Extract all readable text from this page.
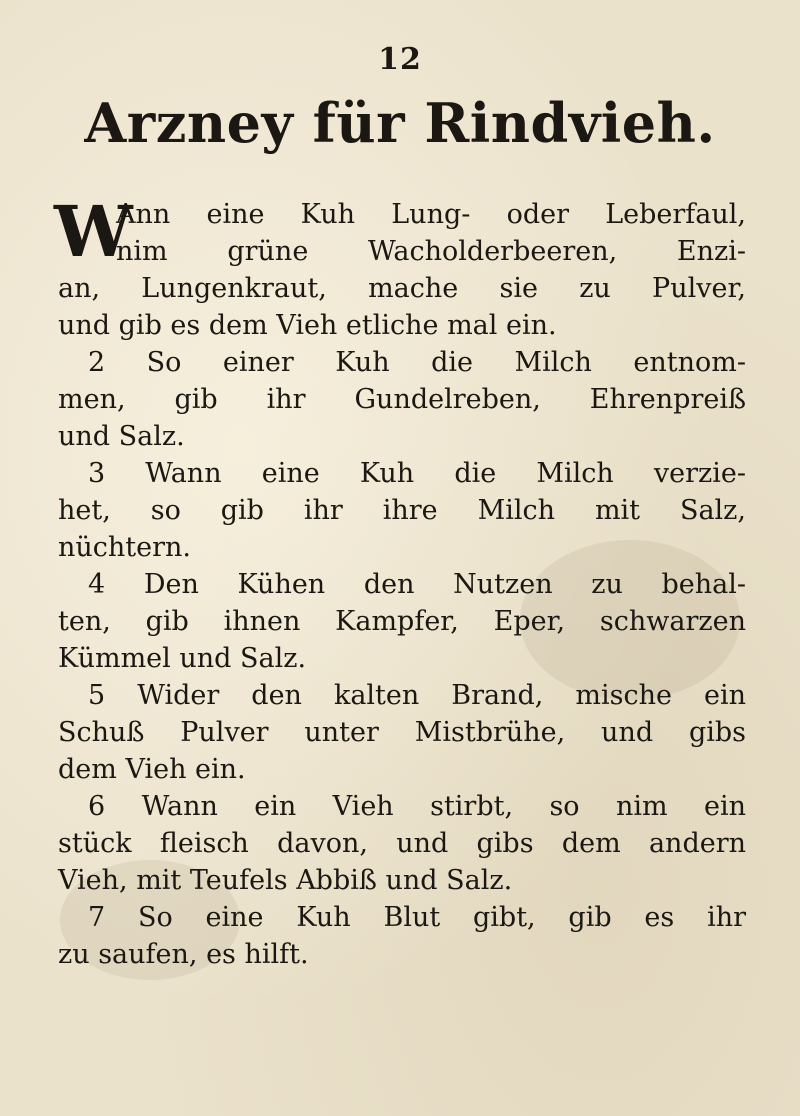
12
Arzney für Rindvieh.
W
Ann eine Kuh Lung- oder Leberfaul,
nim grüne Wacholderbeeren, Enzi-
an, Lungenkraut, mache sie zu Pulver,
und gib es dem Vieh etliche mal ein.
2 So einer Kuh die Milch entnom-
men, gib ihr Gundelreben, Ehrenpreiß
und Salz.
3 Wann eine Kuh die Milch verzie-
het, so gib ihr ihre Milch mit Salz,
nüchtern.
4 Den Kühen den Nutzen zu behal-
ten, gib ihnen Kampfer, Eper, schwarzen
Kümmel und Salz.
5 Wider den kalten Brand, mische ein
Schuß Pulver unter Mistbrühe, und gibs
dem Vieh ein.
6 Wann ein Vieh stirbt, so nim ein
stück fleisch davon, und gibs dem andern
Vieh, mit Teufels Abbiß und Salz.
7 So eine Kuh Blut gibt, gib es ihr
zu saufen, es hilft.
